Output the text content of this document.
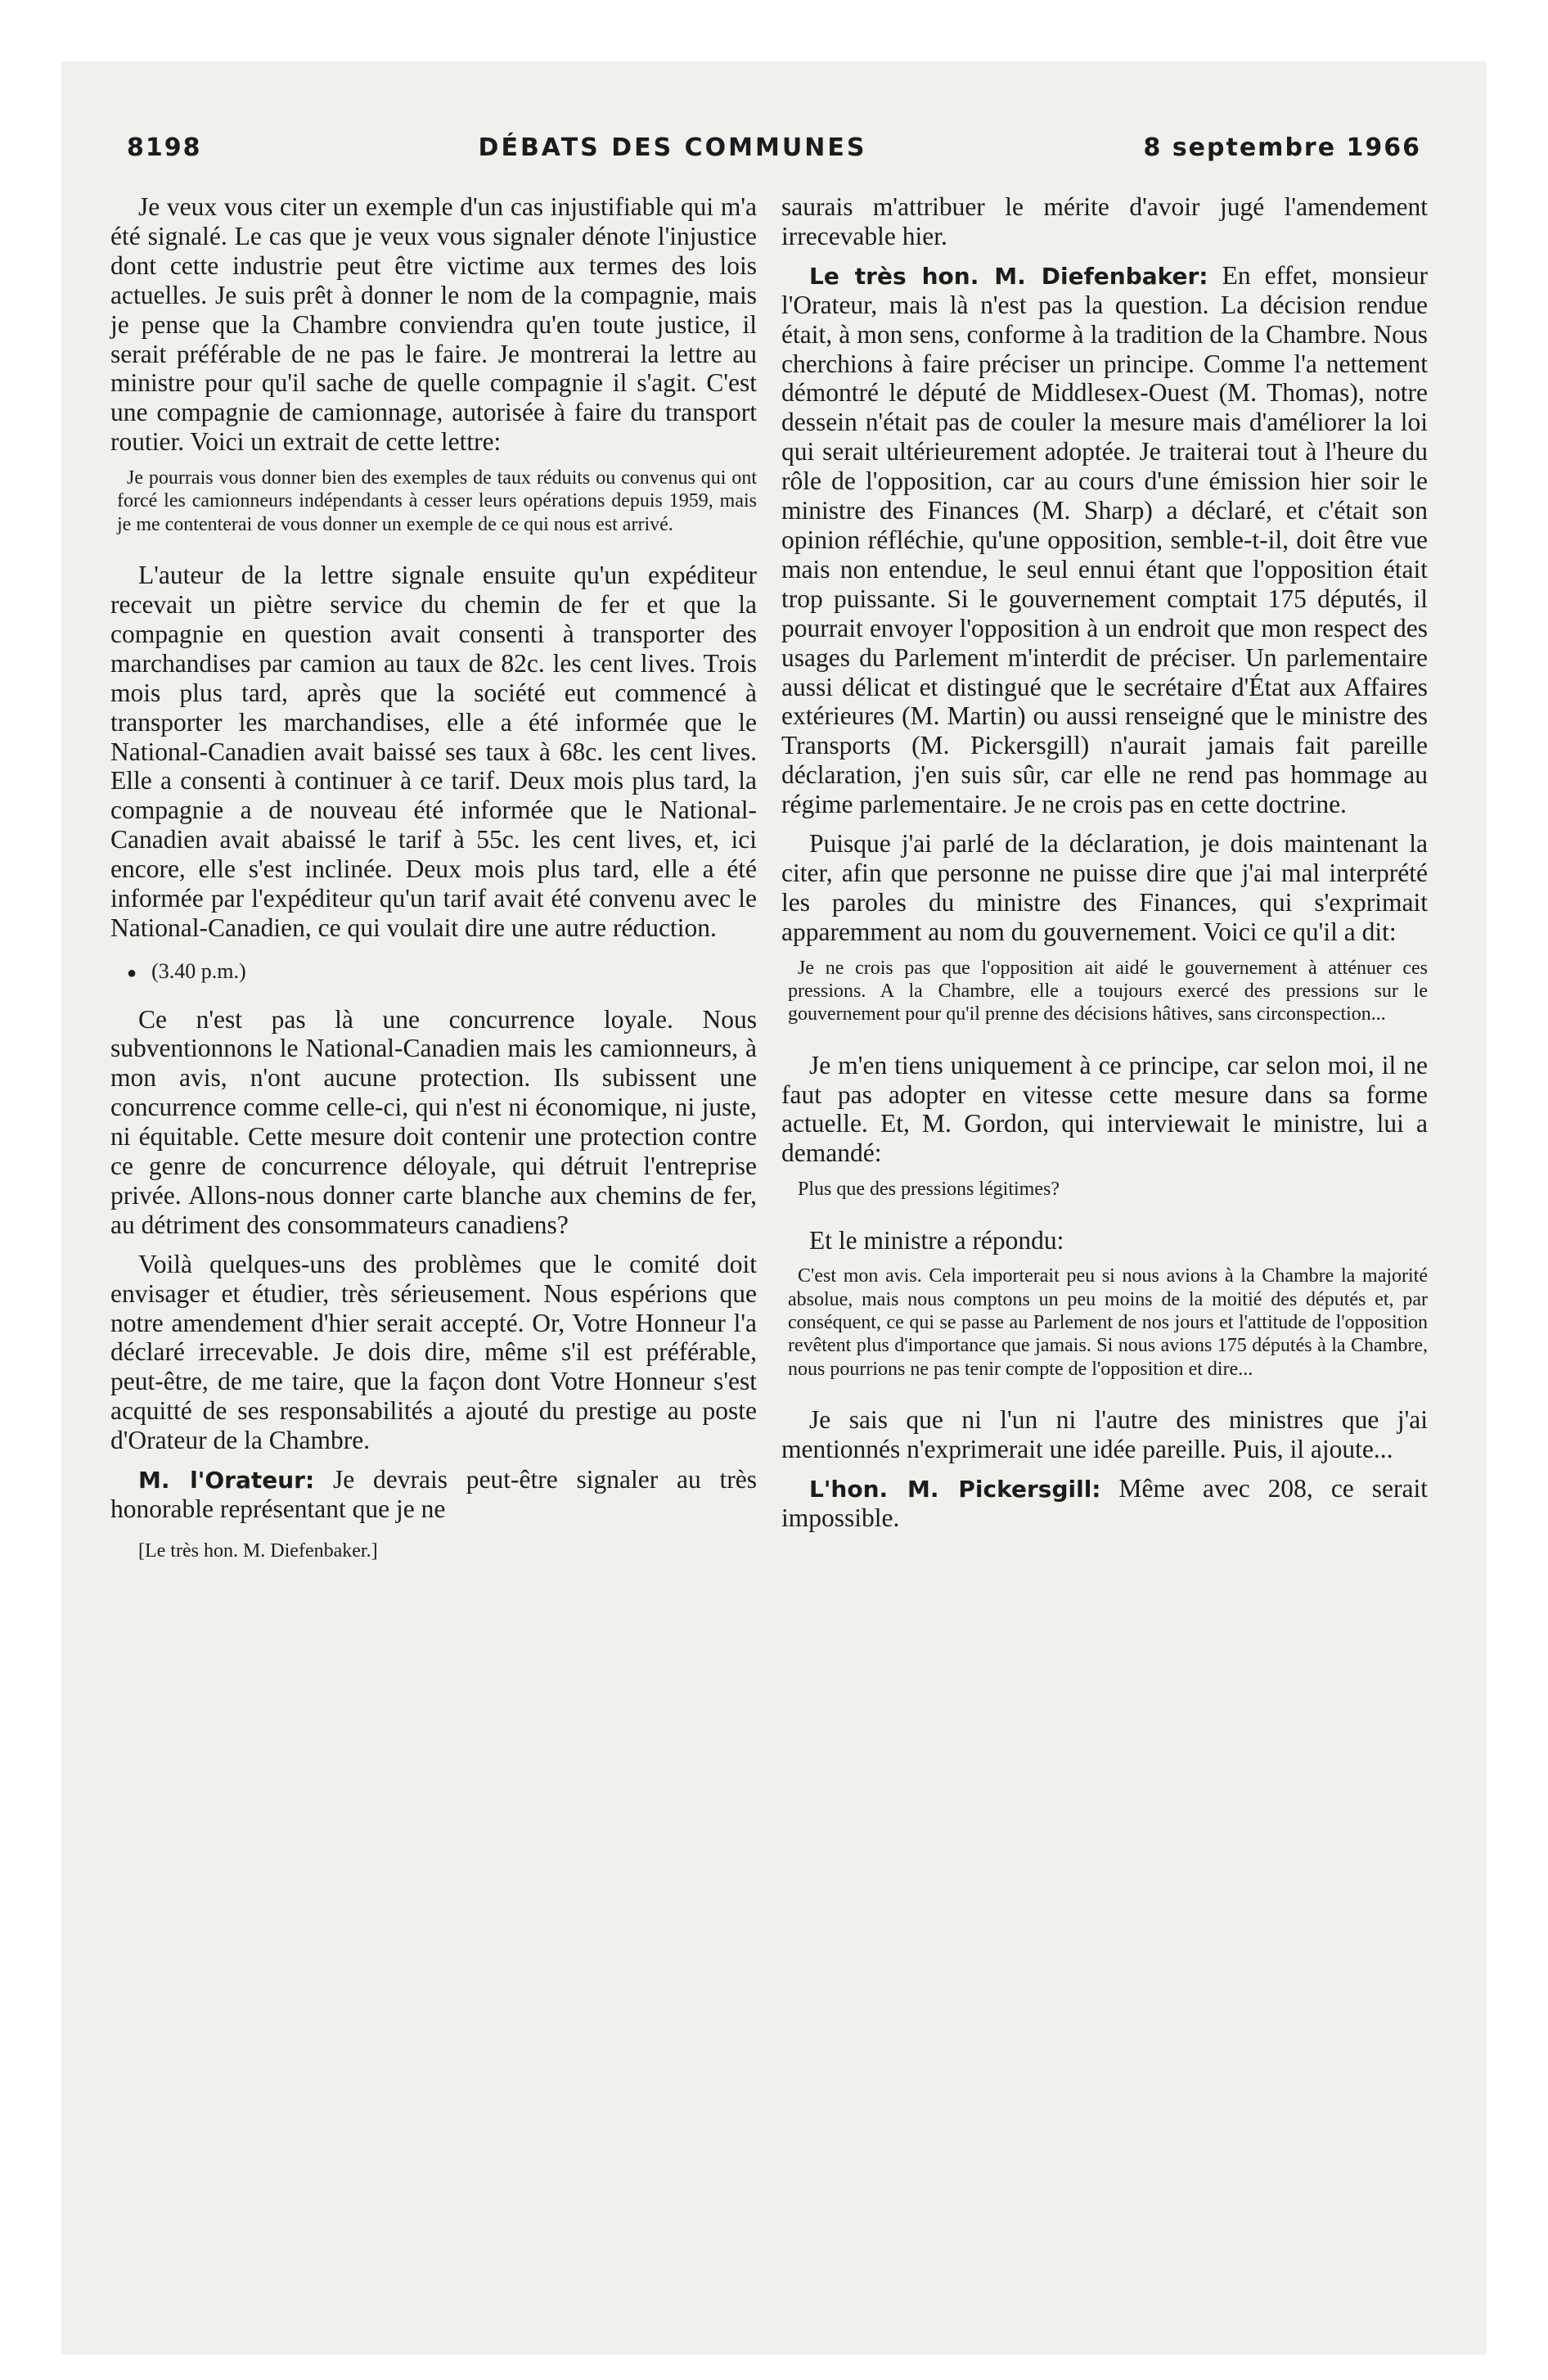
8198	DÉBATS DES COMMUNES	8 septembre 1966

Je veux vous citer un exemple d'un cas injustifiable qui m'a été signalé. Le cas que je veux vous signaler dénote l'injustice dont cette industrie peut être victime aux termes des lois actuelles. Je suis prêt à donner le nom de la compagnie, mais je pense que la Chambre conviendra qu'en toute justice, il serait préférable de ne pas le faire. Je montrerai la lettre au ministre pour qu'il sache de quelle compagnie il s'agit. C'est une compagnie de camionnage, autorisée à faire du transport routier. Voici un extrait de cette lettre:

Je pourrais vous donner bien des exemples de taux réduits ou convenus qui ont forcé les camionneurs indépendants à cesser leurs opérations depuis 1959, mais je me contenterai de vous donner un exemple de ce qui nous est arrivé.

L'auteur de la lettre signale ensuite qu'un expéditeur recevait un piètre service du chemin de fer et que la compagnie en question avait consenti à transporter des marchandises par camion au taux de 82c. les cent lives. Trois mois plus tard, après que la société eut commencé à transporter les marchandises, elle a été informée que le National-Canadien avait baissé ses taux à 68c. les cent lives. Elle a consenti à continuer à ce tarif. Deux mois plus tard, la compagnie a de nouveau été informée que le National-Canadien avait abaissé le tarif à 55c. les cent lives, et, ici encore, elle s'est inclinée. Deux mois plus tard, elle a été informée par l'expéditeur qu'un tarif avait été convenu avec le National-Canadien, ce qui voulait dire une autre réduction.

● (3.40 p.m.)

Ce n'est pas là une concurrence loyale. Nous subventionnons le National-Canadien mais les camionneurs, à mon avis, n'ont aucune protection. Ils subissent une concurrence comme celle-ci, qui n'est ni économique, ni juste, ni équitable. Cette mesure doit contenir une protection contre ce genre de concurrence déloyale, qui détruit l'entreprise privée. Allons-nous donner carte blanche aux chemins de fer, au détriment des consommateurs canadiens?

Voilà quelques-uns des problèmes que le comité doit envisager et étudier, très sérieusement. Nous espérions que notre amendement d'hier serait accepté. Or, Votre Honneur l'a déclaré irrecevable. Je dois dire, même s'il est préférable, peut-être, de me taire, que la façon dont Votre Honneur s'est acquitté de ses responsabilités a ajouté du prestige au poste d'Orateur de la Chambre.

M. l'Orateur: Je devrais peut-être signaler au très honorable représentant que je ne

[Le très hon. M. Diefenbaker.]

saurais m'attribuer le mérite d'avoir jugé l'amendement irrecevable hier.

Le très hon. M. Diefenbaker: En effet, monsieur l'Orateur, mais là n'est pas la question. La décision rendue était, à mon sens, conforme à la tradition de la Chambre. Nous cherchions à faire préciser un principe. Comme l'a nettement démontré le député de Middlesex-Ouest (M. Thomas), notre dessein n'était pas de couler la mesure mais d'améliorer la loi qui serait ultérieurement adoptée. Je traiterai tout à l'heure du rôle de l'opposition, car au cours d'une émission hier soir le ministre des Finances (M. Sharp) a déclaré, et c'était son opinion réfléchie, qu'une opposition, semble-t-il, doit être vue mais non entendue, le seul ennui étant que l'opposition était trop puissante. Si le gouvernement comptait 175 députés, il pourrait envoyer l'opposition à un endroit que mon respect des usages du Parlement m'interdit de préciser. Un parlementaire aussi délicat et distingué que le secrétaire d'État aux Affaires extérieures (M. Martin) ou aussi renseigné que le ministre des Transports (M. Pickersgill) n'aurait jamais fait pareille déclaration, j'en suis sûr, car elle ne rend pas hommage au régime parlementaire. Je ne crois pas en cette doctrine.

Puisque j'ai parlé de la déclaration, je dois maintenant la citer, afin que personne ne puisse dire que j'ai mal interprété les paroles du ministre des Finances, qui s'exprimait apparemment au nom du gouvernement. Voici ce qu'il a dit:

Je ne crois pas que l'opposition ait aidé le gouvernement à atténuer ces pressions. A la Chambre, elle a toujours exercé des pressions sur le gouvernement pour qu'il prenne des décisions hâtives, sans circonspection...

Je m'en tiens uniquement à ce principe, car selon moi, il ne faut pas adopter en vitesse cette mesure dans sa forme actuelle. Et, M. Gordon, qui interviewait le ministre, lui a demandé:

Plus que des pressions légitimes?

Et le ministre a répondu:

C'est mon avis. Cela importerait peu si nous avions à la Chambre la majorité absolue, mais nous comptons un peu moins de la moitié des députés et, par conséquent, ce qui se passe au Parlement de nos jours et l'attitude de l'opposition revêtent plus d'importance que jamais. Si nous avions 175 députés à la Chambre, nous pourrions ne pas tenir compte de l'opposition et dire...

Je sais que ni l'un ni l'autre des ministres que j'ai mentionnés n'exprimerait une idée pareille. Puis, il ajoute...

L'hon. M. Pickersgill: Même avec 208, ce serait impossible.
